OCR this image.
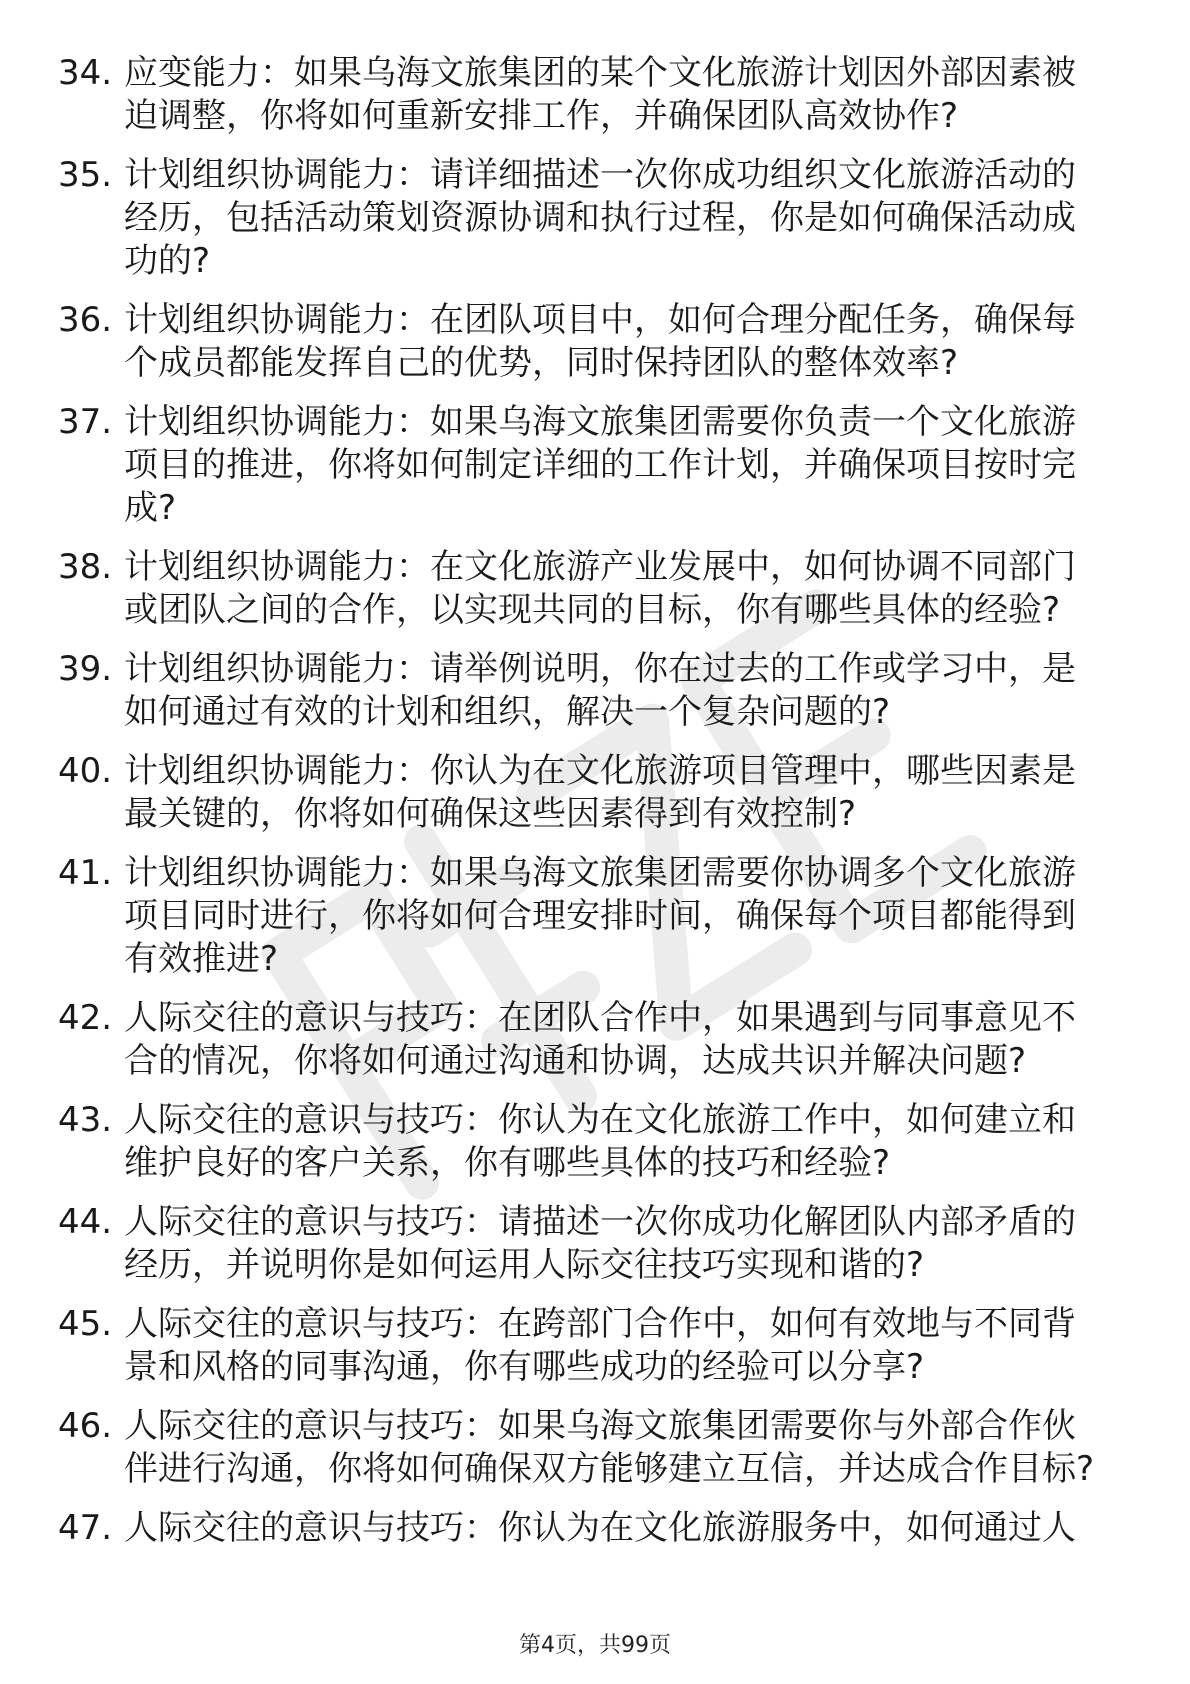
34. 应变能力：如果乌海文旅集团的某个文化旅游计划因外部因素被迫调整，你将如何重新安排工作，并确保团队高效协作?
35. 计划组织协调能力：请详细描述一次你成功组织文化旅游活动的经历，包括活动策划资源协调和执行过程，你是如何确保活动成功的?
36. 计划组织协调能力：在团队项目中，如何合理分配任务，确保每个成员都能发挥自己的优势，同时保持团队的整体效率?
37. 计划组织协调能力：如果乌海文旅集团需要你负责一个文化旅游项目的推进，你将如何制定详细的工作计划，并确保项目按时完成?
38. 计划组织协调能力：在文化旅游产业发展中，如何协调不同部门或团队之间的合作，以实现共同的目标，你有哪些具体的经验?
39. 计划组织协调能力：请举例说明，你在过去的工作或学习中，是如何通过有效的计划和组织，解决一个复杂问题的?
40. 计划组织协调能力：你认为在文化旅游项目管理中，哪些因素是最关键的，你将如何确保这些因素得到有效控制?
41. 计划组织协调能力：如果乌海文旅集团需要你协调多个文化旅游项目同时进行，你将如何合理安排时间，确保每个项目都能得到有效推进?
42. 人际交往的意识与技巧：在团队合作中，如果遇到与同事意见不合的情况，你将如何通过沟通和协调，达成共识并解决问题?
43. 人际交往的意识与技巧：你认为在文化旅游工作中，如何建立和维护良好的客户关系，你有哪些具体的技巧和经验?
44. 人际交往的意识与技巧：请描述一次你成功化解团队内部矛盾的经历，并说明你是如何运用人际交往技巧实现和谐的?
45. 人际交往的意识与技巧：在跨部门合作中，如何有效地与不同背景和风格的同事沟通，你有哪些成功的经验可以分享?
46. 人际交往的意识与技巧：如果乌海文旅集团需要你与外部合作伙伴进行沟通，你将如何确保双方能够建立互信，并达成合作目标?
47. 人际交往的意识与技巧：你认为在文化旅游服务中，如何通过人
第4页，共99页
